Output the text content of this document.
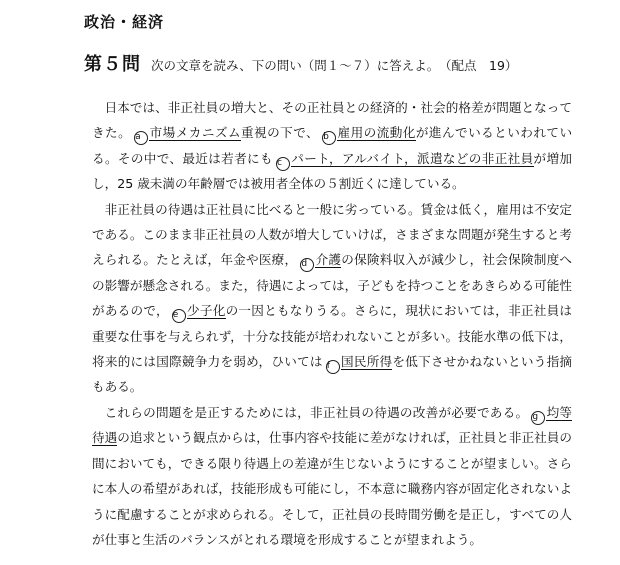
政治・経済
第５問 次の文章を読み、下の問い（問１～７）に答えよ。 （配点　19）

日本では、非正社員の増大と、その正社員との経済的・社会的格差が問題となってきた。 a 市場メカニズム重視の下で、 b 雇用の流動化が進んでいるといわれている。その中で、最近は若者にも c パート，アルバイト，派遣などの非正社員が増加し，25 歳未満の年齢層では被用者全体の５割近くに達している。

非正社員の待遇は正社員に比べると一般に劣っている。賃金は低く，雇用は不安定である。このまま非正社員の人数が増大していけば，さまざまな問題が発生すると考えられる。たとえば，年金や医療， d 介護の保険料収入が減少し，社会保険制度への影響が懸念される。また，待遇によっては，子どもを持つことをあきらめる可能性があるので， e 少子化の一因ともなりうる。さらに，現状においては，非正社員は重要な仕事を与えられず，十分な技能が培われないことが多い。技能水準の低下は，将来的には国際競争力を弱め，ひいては f 国民所得を低下させかねないという指摘もある。

これらの問題を是正するためには，非正社員の待遇の改善が必要である。 g 均等待遇の追求という観点からは，仕事内容や技能に差がなければ，正社員と非正社員の間においても，できる限り待遇上の差違が生じないようにすることが望ましい。さらに本人の希望があれば，技能形成も可能にし，不本意に職務内容が固定化されないように配慮することが求められる。そして，正社員の長時間労働を是正し，すべての人が仕事と生活のバランスがとれる環境を形成することが望まれよう。
